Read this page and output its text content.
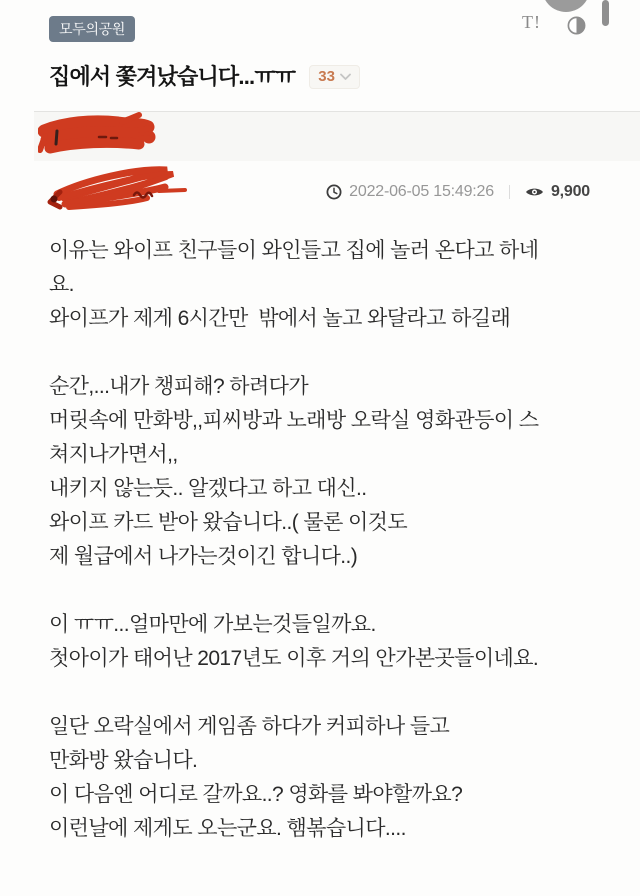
T!
모두의공원
집에서 쫓겨났습니다...ㅠㅠ 33
2022-06-05 15:49:26	9,900
이유는 와이프 친구들이 와인들고 집에 놀러 온다고 하네
요.
와이프가 제게 6시간만  밖에서 놀고 와달라고 하길래
순간,...내가 챙피해? 하려다가
머릿속에 만화방,,피씨방과 노래방 오락실 영화관등이 스
쳐지나가면서,,
내키지 않는듯.. 알겠다고 하고 대신..
와이프 카드 받아 왔습니다..( 물론 이것도
제 월급에서 나가는것이긴 합니다..)
이 ㅠㅠ...얼마만에 가보는것들일까요.
첫아이가 태어난 2017년도 이후 거의 안가본곳들이네요.
일단 오락실에서 게임좀 하다가 커피하나 들고
만화방 왔습니다.
이 다음엔 어디로 갈까요..? 영화를 봐야할까요?
이런날에 제게도 오는군요. 햄볶습니다....
